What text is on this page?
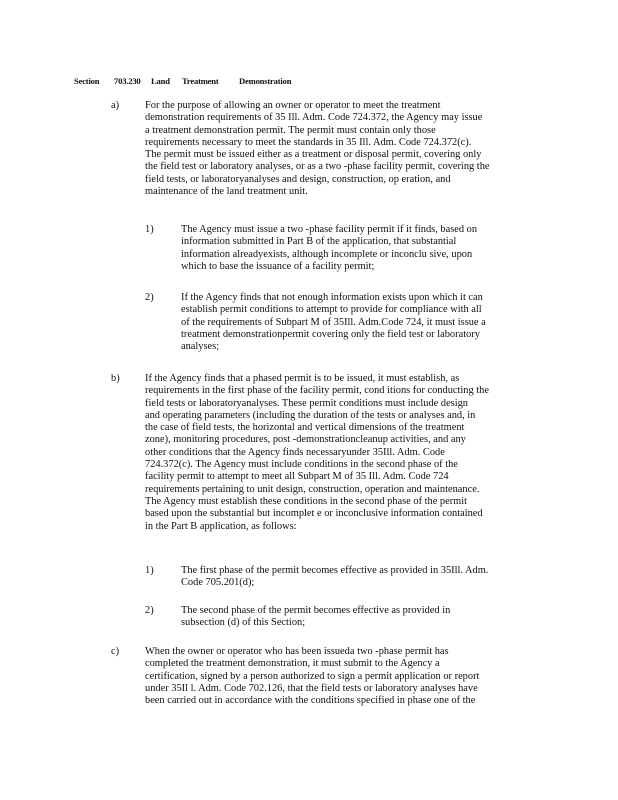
Section 703.230 Land Treatment Demonstration
a) For the purpose of allowing an owner or operator to meet the treatment
demonstration requirements of 35 Ill. Adm. Code 724.372, the Agency may issue
a treatment demonstration permit. The permit must contain only those
requirements necessary to meet the standards in 35 Ill. Adm. Code 724.372(c).
The permit must be issued either as a treatment or disposal permit, covering only
the field test or laboratory analyses, or as a two -phase facility permit, covering the
field tests, or laboratoryanalyses and design, construction, op eration, and
maintenance of the land treatment unit.
1)	The Agency must issue a two -phase facility permit if it finds, based on
information submitted in Part B of the application, that substantial
information alreadyexists, although incomplete or inconclu sive, upon
which to base the issuance of a facility permit;
2)	If the Agency finds that not enough information exists upon which it can
establish permit conditions to attempt to provide for compliance with all
of the requirements of Subpart M of 35Ill. Adm.Code 724, it must issue a
treatment demonstrationpermit covering only the field test or laboratory
analyses;
b) If the Agency finds that a phased permit is to be issued, it must establish, as
requirements in the first phase of the facility permit, cond itions for conducting the
field tests or laboratoryanalyses. These permit conditions must include design
and operating parameters (including the duration of the tests or analyses and, in
the case of field tests, the horizontal and vertical dimensions of the treatment
zone), monitoring procedures, post -demonstrationcleanup activities, and any
other conditions that the Agency finds necessaryunder 35Ill. Adm. Code
724.372(c). The Agency must include conditions in the second phase of the
facility permit to attempt to meet all Subpart M of 35 Ill. Adm. Code 724
requirements pertaining to unit design, construction, operation and maintenance.
The Agency must establish these conditions in the second phase of the permit
based upon the substantial but incomplet e or inconclusive information contained
in the Part B application, as follows:
1)	The first phase of the permit becomes effective as provided in 35Ill. Adm.
Code 705.201(d);
2)	The second phase of the permit becomes effective as provided in
subsection (d) of this Section;
c) When the owner or operator who has been issueda two -phase permit has
completed the treatment demonstration, it must submit to the Agency a
certification, signed by a person authorized to sign a permit application or report
under 35Il l. Adm. Code 702.126, that the field tests or laboratory analyses have
been carried out in accordance with the conditions specified in phase one of the
